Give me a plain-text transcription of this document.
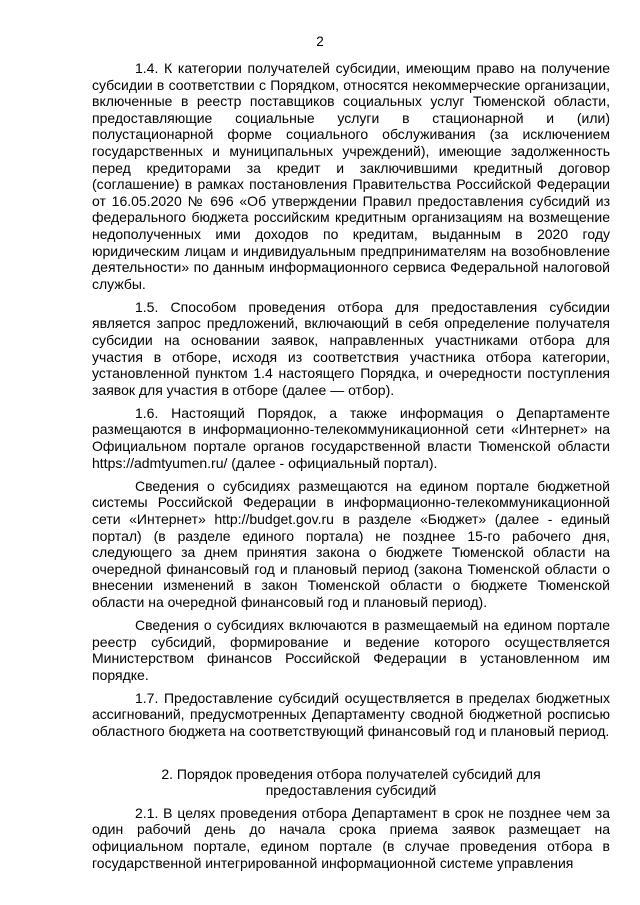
2

1.4. К категории получателей субсидии, имеющим право на получение субсидии в соответствии с Порядком, относятся некоммерческие организации, включенные в реестр поставщиков социальных услуг Тюменской области, предоставляющие социальные услуги в стационарной и (или) полустационарной форме социального обслуживания (за исключением государственных и муниципальных учреждений), имеющие задолженность перед кредиторами за кредит и заключившими кредитный договор (соглашение) в рамках постановления Правительства Российской Федерации от 16.05.2020 № 696 «Об утверждении Правил предоставления субсидий из федерального бюджета российским кредитным организациям на возмещение недополученных ими доходов по кредитам, выданным в 2020 году юридическим лицам и индивидуальным предпринимателям на возобновление деятельности» по данным информационного сервиса Федеральной налоговой службы.

1.5. Способом проведения отбора для предоставления субсидии является запрос предложений, включающий в себя определение получателя субсидии на основании заявок, направленных участниками отбора для участия в отборе, исходя из соответствия участника отбора категории, установленной пунктом 1.4 настоящего Порядка, и очередности поступления заявок для участия в отборе (далее — отбор).

1.6. Настоящий Порядок, а также информация о Департаменте размещаются в информационно-телекоммуникационной сети «Интернет» на Официальном портале органов государственной власти Тюменской области https://admtyumen.ru/ (далее - официальный портал).

Сведения о субсидиях размещаются на едином портале бюджетной системы Российской Федерации в информационно-телекоммуникационной сети «Интернет» http://budget.gov.ru в разделе «Бюджет» (далее - единый портал) (в разделе единого портала) не позднее 15-го рабочего дня, следующего за днем принятия закона о бюджете Тюменской области на очередной финансовый год и плановый период (закона Тюменской области о внесении изменений в закон Тюменской области о бюджете Тюменской области на очередной финансовый год и плановый период).

Сведения о субсидиях включаются в размещаемый на едином портале реестр субсидий, формирование и ведение которого осуществляется Министерством финансов Российской Федерации в установленном им порядке.

1.7. Предоставление субсидий осуществляется в пределах бюджетных ассигнований, предусмотренных Департаменту сводной бюджетной росписью областного бюджета на соответствующий финансовый год и плановый период.

2. Порядок проведения отбора получателей субсидий для предоставления субсидий

2.1. В целях проведения отбора Департамент в срок не позднее чем за один рабочий день до начала срока приема заявок размещает на официальном портале, едином портале (в случае проведения отбора в государственной интегрированной информационной системе управления
